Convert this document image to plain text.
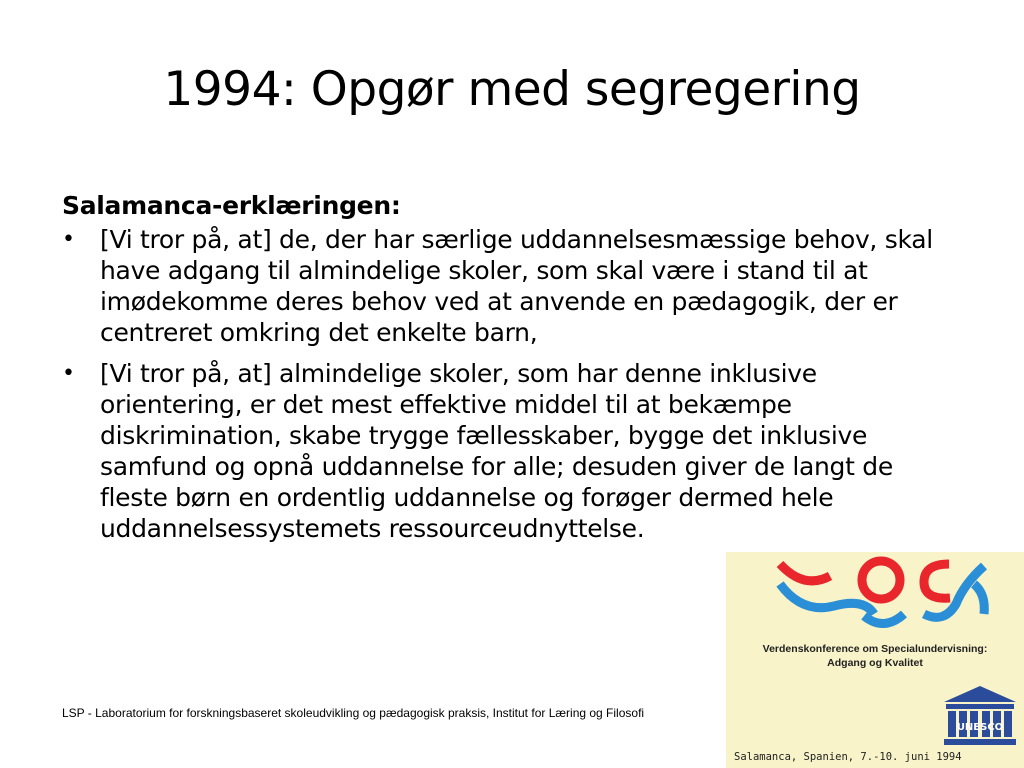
1994: Opgør med segregering
Salamanca-erklæringen:
• [Vi tror på, at] de, der har særlige uddannelsesmæssige behov, skal have adgang til almindelige skoler, som skal være i stand til at imødekomme deres behov ved at anvende en pædagogik, der er centreret omkring det enkelte barn,
• [Vi tror på, at] almindelige skoler, som har denne inklusive orientering, er det mest effektive middel til at bekæmpe diskrimination, skabe trygge fællesskaber, bygge det inklusive samfund og opnå uddannelse for alle; desuden giver de langt de fleste børn en ordentlig uddannelse og forøger dermed hele uddannelsessystemets ressourceudnyttelse.
LSP - Laboratorium for forskningsbaseret skoleudvikling og pædagogisk praksis, Institut for Læring og Filosofi
Verdenskonference om Specialundervisning:
Adgang og Kvalitet
UNESCO
Salamanca, Spanien, 7.-10. juni 1994
